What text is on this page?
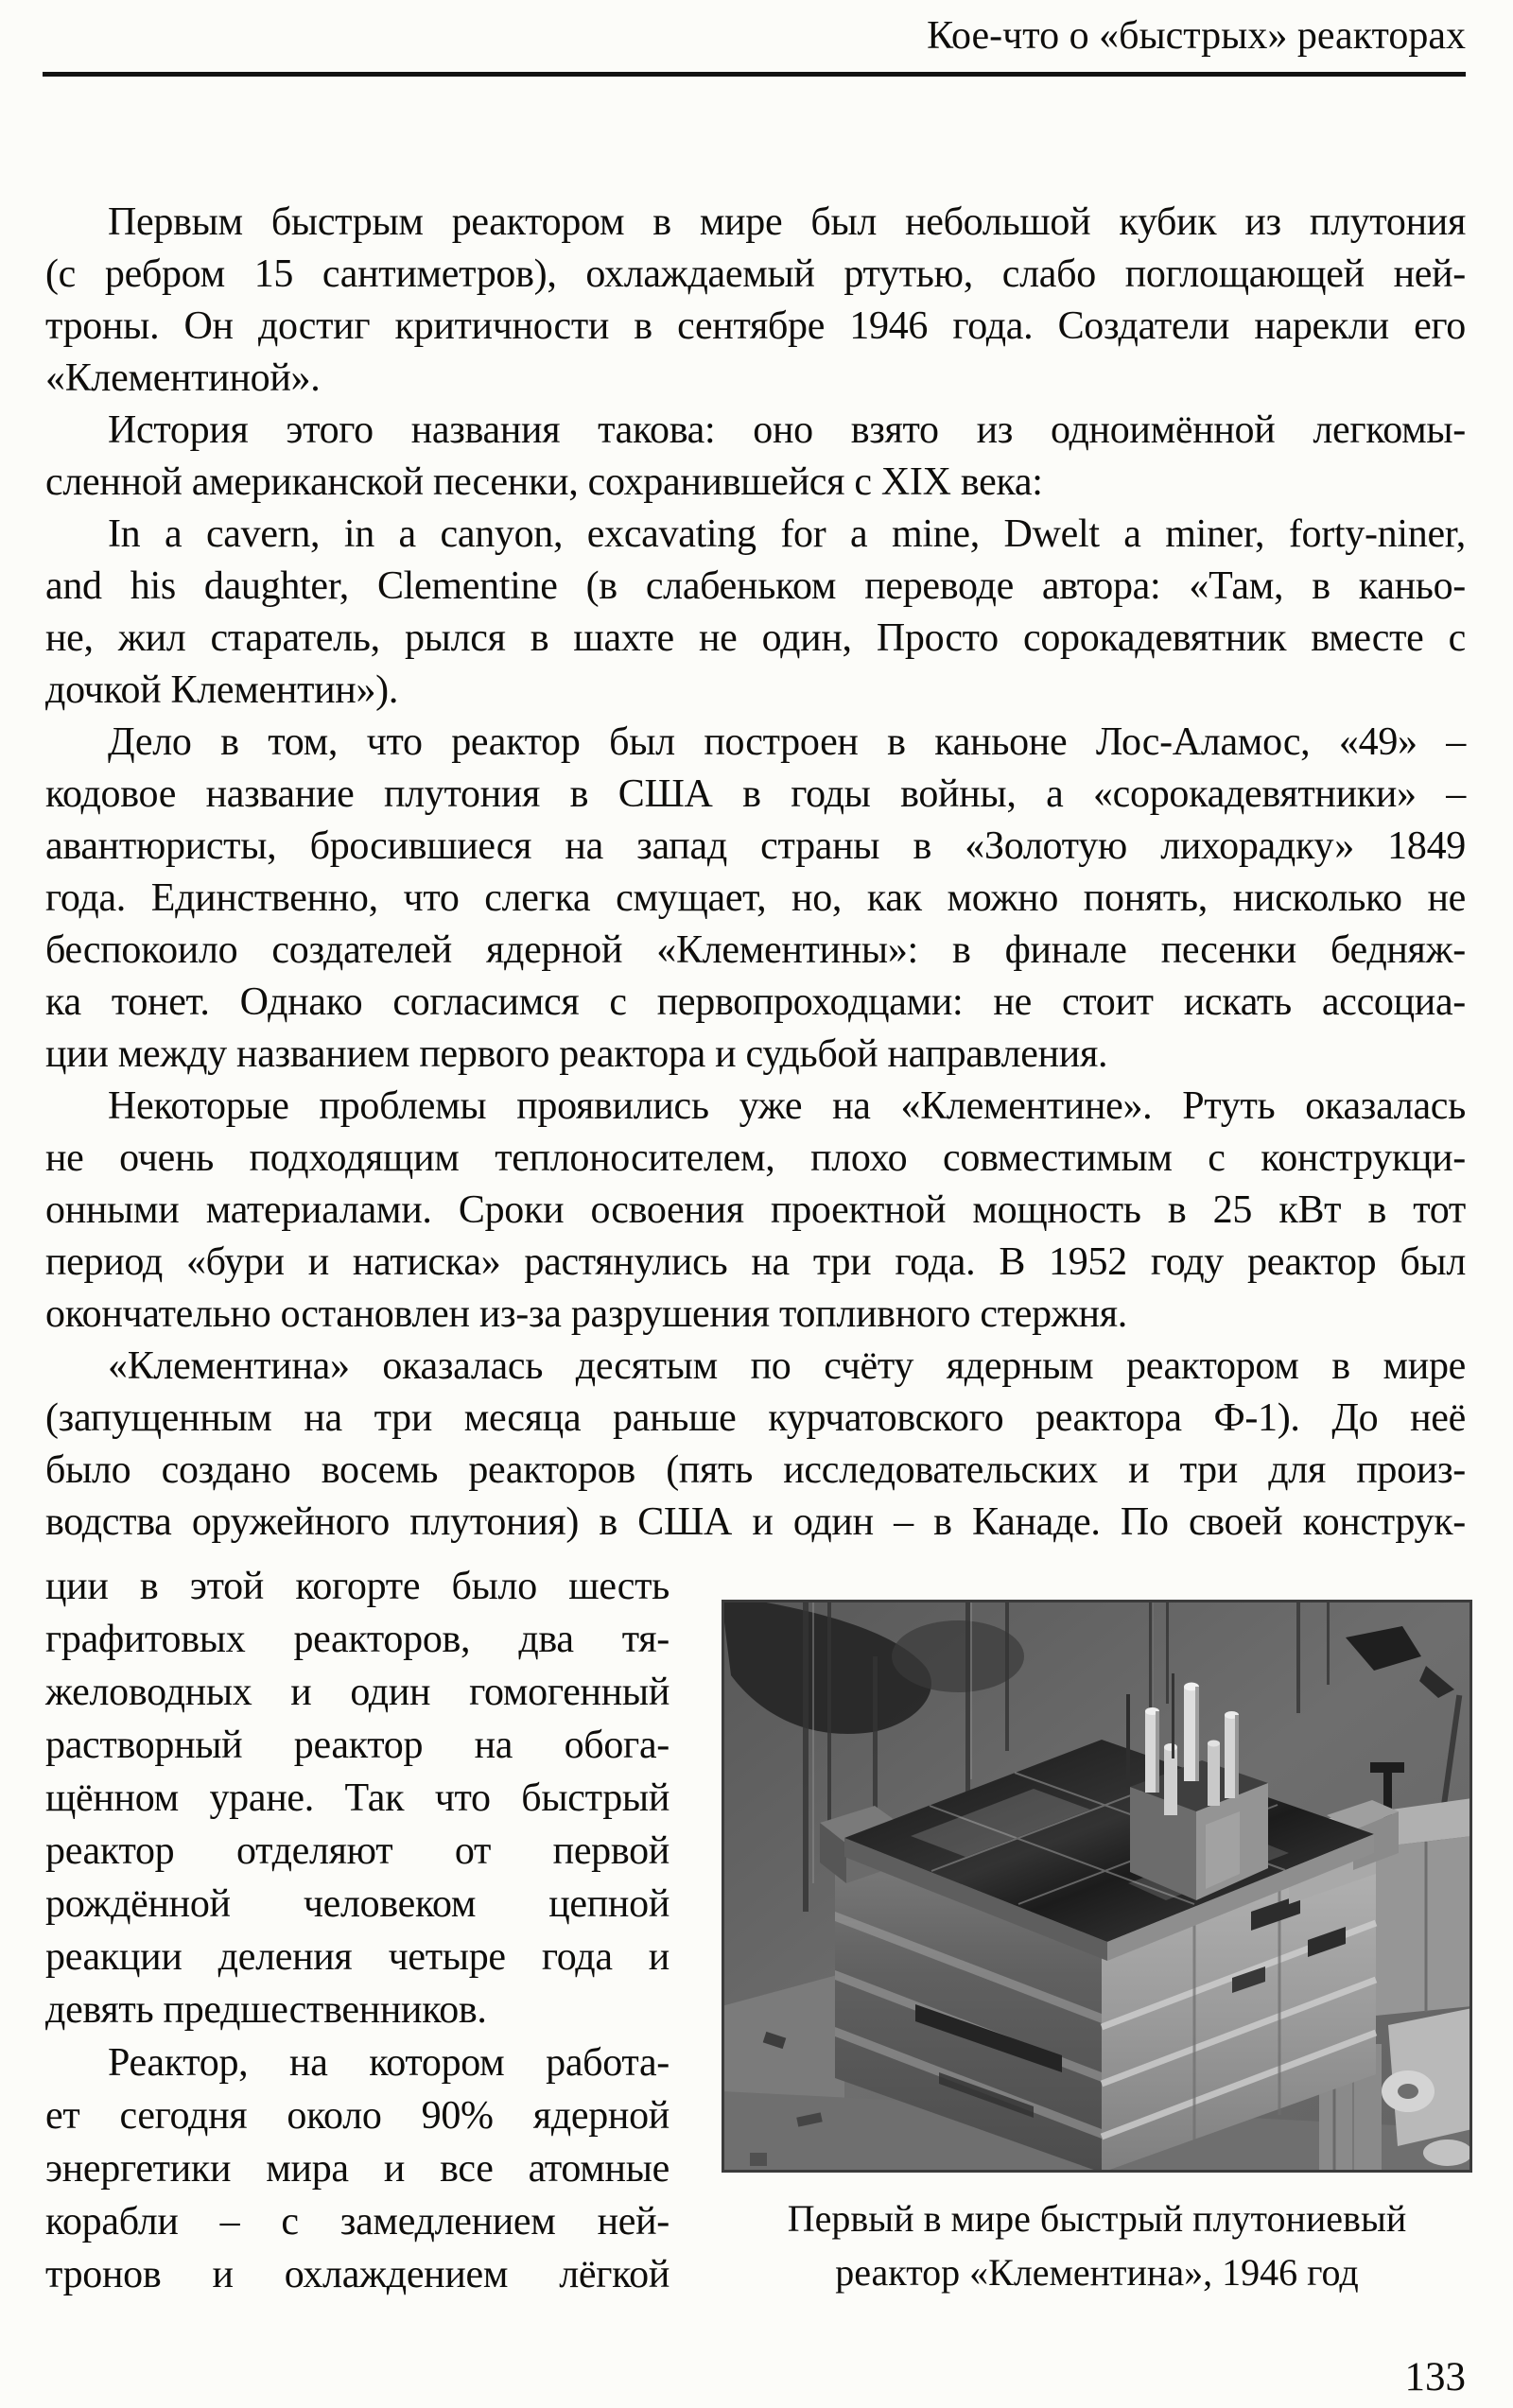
Кое-что о «быстрых» реакторах
Первым быстрым реактором в мире был небольшой кубик из плутония
(с ребром 15 сантиметров), охлаждаемый ртутью, слабо поглощающей ней-
троны. Он достиг критичности в сентябре 1946 года. Создатели нарекли его
«Клементиной».
История этого названия такова: оно взято из одноимённой легкомы-
сленной американской песенки, сохранившейся с XIX века:
In a cavern, in a canyon, excavating for a mine, Dwelt a miner, forty-niner,
and his daughter, Clementine (в слабеньком переводе автора: «Там, в каньо-
не, жил старатель, рылся в шахте не один, Просто сорокадевятник вместе с
дочкой Клементин»).
Дело в том, что реактор был построен в каньоне Лос-Аламос, «49» –
кодовое название плутония в США в годы войны, а «сорокадевятники» –
авантюристы, бросившиеся на запад страны в «Золотую лихорадку» 1849
года. Единственно, что слегка смущает, но, как можно понять, нисколько не
беспокоило создателей ядерной «Клементины»: в финале песенки бедняж-
ка тонет. Однако согласимся с первопроходцами: не стоит искать ассоциа-
ции между названием первого реактора и судьбой направления.
Некоторые проблемы проявились уже на «Клементине». Ртуть оказалась
не очень подходящим теплоносителем, плохо совместимым с конструкци-
онными материалами. Сроки освоения проектной мощность в 25 кВт в тот
период «бури и натиска» растянулись на три года. В 1952 году реактор был
окончательно остановлен из-за разрушения топливного стержня.
«Клементина» оказалась десятым по счёту ядерным реактором в мире
(запущенным на три месяца раньше курчатовского реактора Ф-1). До неё
было создано восемь реакторов (пять исследовательских и три для произ-
водства оружейного плутония) в США и один – в Канаде. По своей конструк-
ции в этой когорте было шесть
графитовых реакторов, два тя-
желоводных и один гомогенный
растворный реактор на обога-
щённом уране. Так что быстрый
реактор отделяют от первой
рождённой человеком цепной
реакции деления четыре года и
девять предшественников.
Реактор, на котором работа-
ет сегодня около 90% ядерной
энергетики мира и все атомные
корабли – с замедлением ней-
тронов и охлаждением лёгкой
Первый в мире быстрый плутониевый
реактор «Клементина», 1946 год
133
